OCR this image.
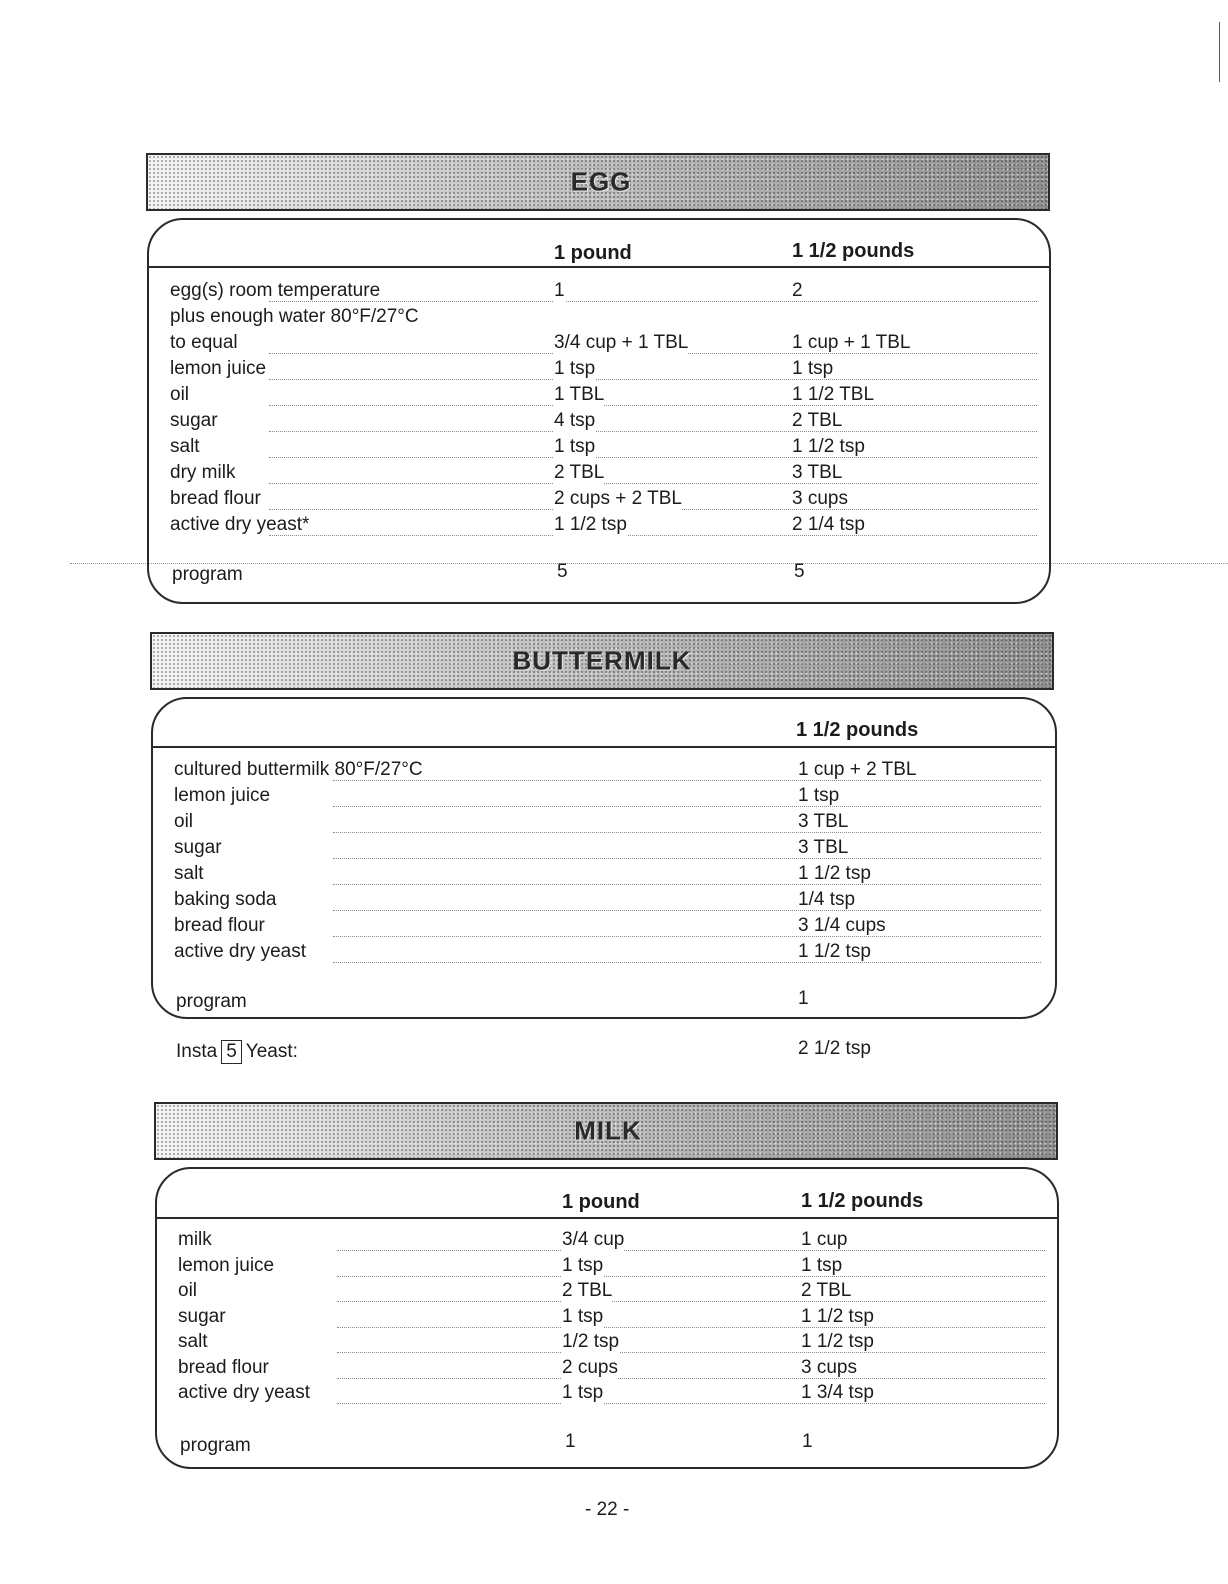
EGG
1 pound	1 1/2 pounds
egg(s) room temperature	1	2
plus enough water 80°F/27°C
to equal	3/4 cup + 1 TBL	1 cup + 1 TBL
lemon juice	1 tsp	1 tsp
oil	1 TBL	1 1/2 TBL
sugar	4 tsp	2 TBL
salt	1 tsp	1 1/2 tsp
dry milk	2 TBL	3 TBL
bread flour	2 cups + 2 TBL	3 cups
active dry yeast*	1 1/2 tsp	2 1/4 tsp
program	5	5
BUTTERMILK
1 1/2 pounds
cultured buttermilk 80°F/27°C	1 cup + 2 TBL
lemon juice	1 tsp
oil	3 TBL
sugar	3 TBL
salt	1 1/2 tsp
baking soda	1/4 tsp
bread flour	3 1/4 cups
active dry yeast	1 1/2 tsp
program	1
Insta 5 Yeast:	2 1/2 tsp
MILK
1 pound	1 1/2 pounds
milk	3/4 cup	1 cup
lemon juice	1 tsp	1 tsp
oil	2 TBL	2 TBL
sugar	1 tsp	1 1/2 tsp
salt	1/2 tsp	1 1/2 tsp
bread flour	2 cups	3 cups
active dry yeast	1 tsp	1 3/4 tsp
program	1	1
- 22 -
